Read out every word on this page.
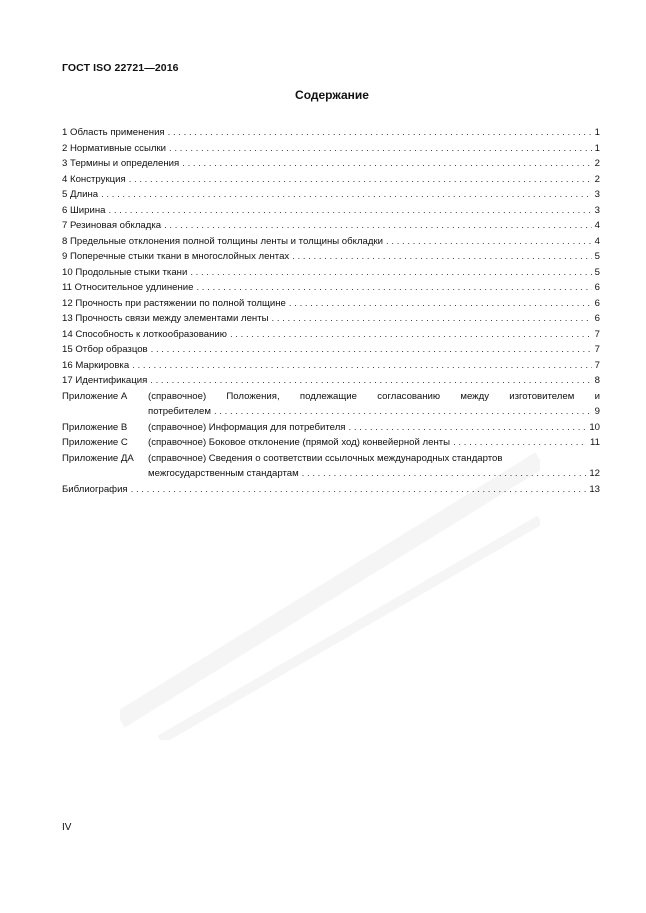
ГОСТ ISO 22721—2016
Содержание
1 Область применения . . .	1
2 Нормативные ссылки . . .	1
3 Термины и определения . . .	2
4 Конструкция . . .	2
5 Длина . . .	3
6 Ширина . . .	3
7 Резиновая обкладка . . .	4
8 Предельные отклонения полной толщины ленты и толщины обкладки . . .	4
9 Поперечные стыки ткани в многослойных лентах . . .	5
10 Продольные стыки ткани . . .	5
11 Относительное удлинение . . .	6
12 Прочность при растяжении по полной толщине . . .	6
13 Прочность связи между элементами ленты . . .	6
14 Способность к лоткообразованию . . .	7
15 Отбор образцов . . .	7
16 Маркировка . . .	7
17 Идентификация . . .	8
Приложение А	(справочное) Положения, подлежащие согласованию между изготовителем и
потребителем . . .	9
Приложение В	(справочное) Информация для потребителя . . .	10
Приложение С	(справочное) Боковое отклонение (прямой ход) конвейерной ленты . . .	11
Приложение ДА	(справочное) Сведения о соответствии ссылочных международных стандартов
межгосударственным стандартам . . .	12
Библиография . . .	13
IV
